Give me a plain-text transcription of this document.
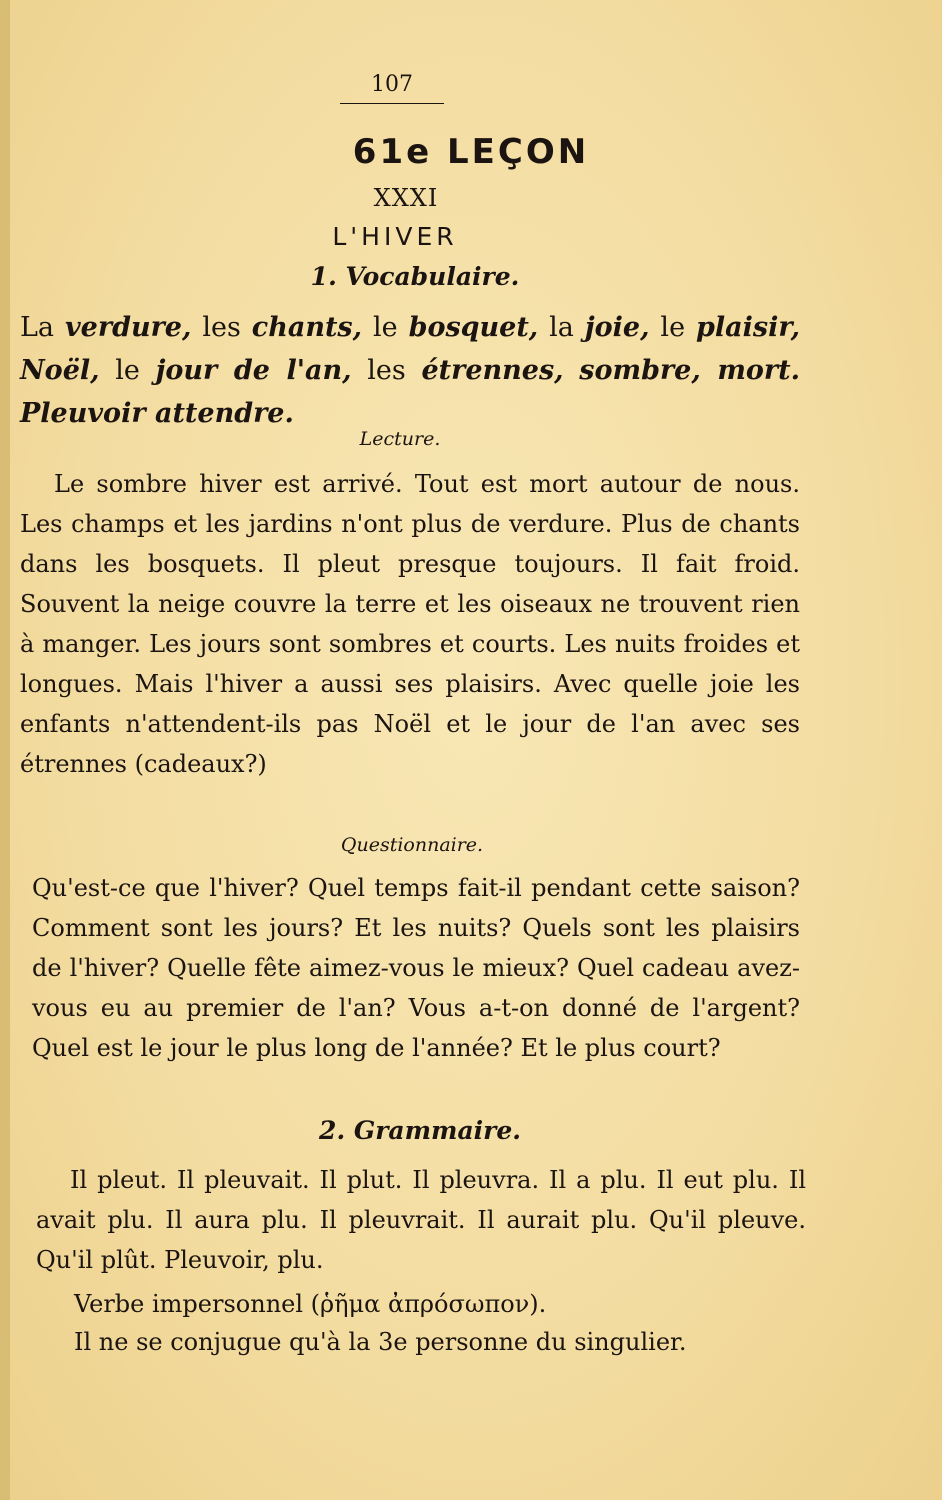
107
61e LEÇON
XXXI
L'HIVER
1. Vocabulaire.

La verdure, les chants, le bosquet, la joie, le plaisir, Noël, le jour de l'an, les étrennes, sombre, mort. Pleuvoir attendre.

Lecture.

Le sombre hiver est arrivé. Tout est mort autour de nous. Les champs et les jardins n'ont plus de verdure. Plus de chants dans les bosquets. Il pleut presque toujours. Il fait froid. Souvent la neige couvre la terre et les oiseaux ne trouvent rien à manger. Les jours sont sombres et courts. Les nuits froides et longues. Mais l'hiver a aussi ses plaisirs. Avec quelle joie les enfants n'attendent-ils pas Noël et le jour de l'an avec ses étrennes (cadeaux?)

Questionnaire.

Qu'est-ce que l'hiver? Quel temps fait-il pendant cette saison? Comment sont les jours? Et les nuits? Quels sont les plaisirs de l'hiver? Quelle fête aimez-vous le mieux? Quel cadeau avez-vous eu au premier de l'an? Vous a-t-on donné de l'argent? Quel est le jour le plus long de l'année? Et le plus court?

2. Grammaire.

Il pleut. Il pleuvait. Il plut. Il pleuvra. Il a plu. Il eut plu. Il avait plu. Il aura plu. Il pleuvrait. Il aurait plu. Qu'il pleuve. Qu'il plût. Pleuvoir, plu.

Verbe impersonnel (ῥῆμα ἀπρόσωπον).

Il ne se conjugue qu'à la 3e personne du singulier.
